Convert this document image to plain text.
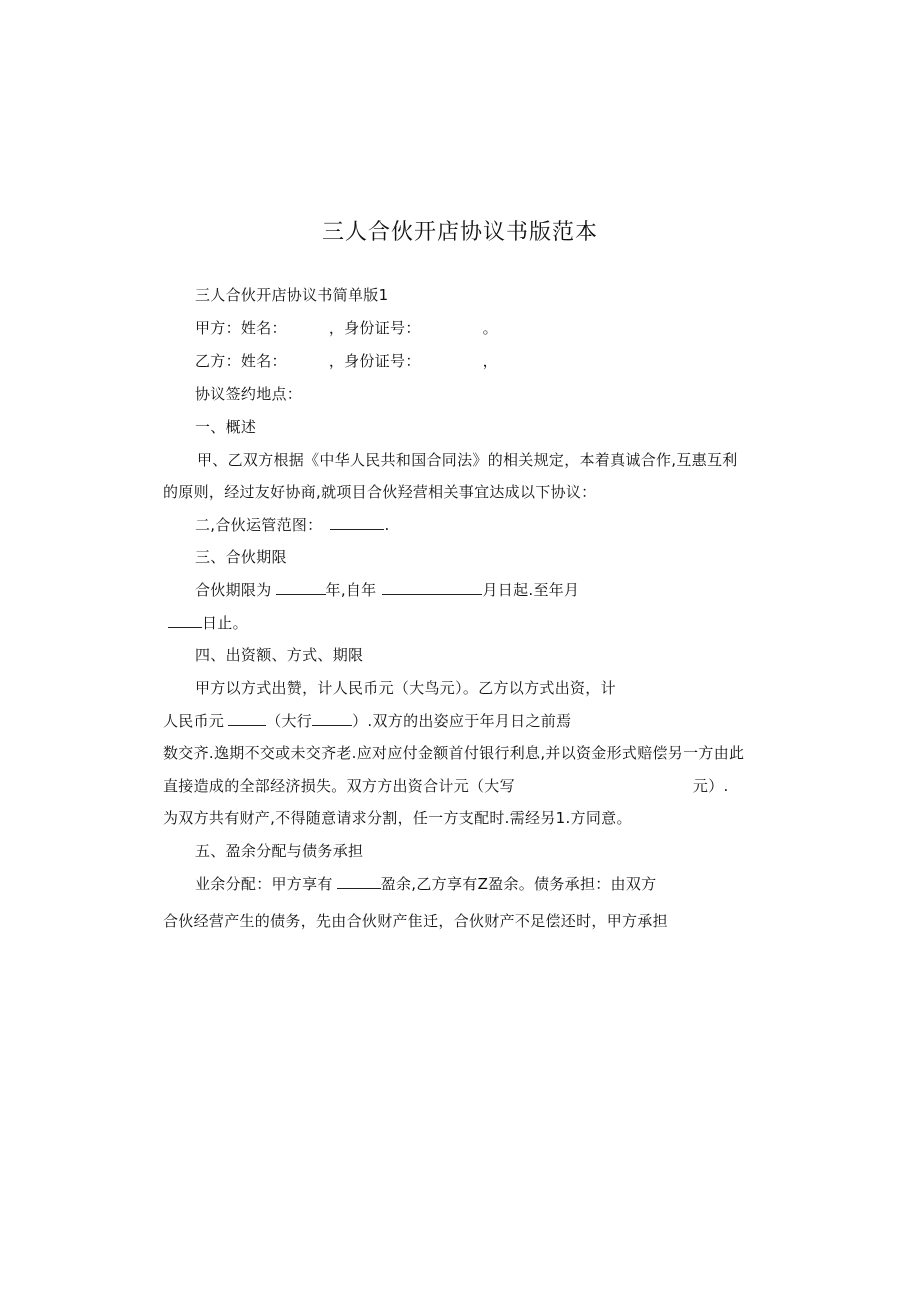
三人合伙开店协议书版范本
三人合伙开店协议书简单版1
甲方：姓名：	，身份证号：	。
乙方：姓名：	，身份证号：	，
协议签约地点：
一、概述
甲、乙双方根据《中华人民共和国合同法》的相关规定，本着真诚合作,互惠互利
的原则，经过友好协商,就项目合伙羟营相关事宜达成以下协议：
二,合伙运管范图：	.
三、合伙期限
合伙期限为	年,自年	月日起.至年月
日止。
四、出资额、方式、期限
甲方以方式出赞，计人民币元（大鸟元）。乙方以方式出资，计
人民币元	（大行	）.双方的出姿应于年月日之前焉
数交齐.逸期不交或未交齐老.应对应付金额首付银行利息,并以资金形式赔偿另一方由此
直接造成的全部经济损失。双方方出资合计元（大写	元）.
为双方共有财产,不得随意请求分割，任一方支配时.需经另1.方同意。
五、盈余分配与债务承担
业余分配：甲方享有	盈余,乙方享有Z盈余。债务承担：由双方
合伙经营产生的债务，先由合伙财产隹迁，合伙财产不足偿还时，甲方承担
